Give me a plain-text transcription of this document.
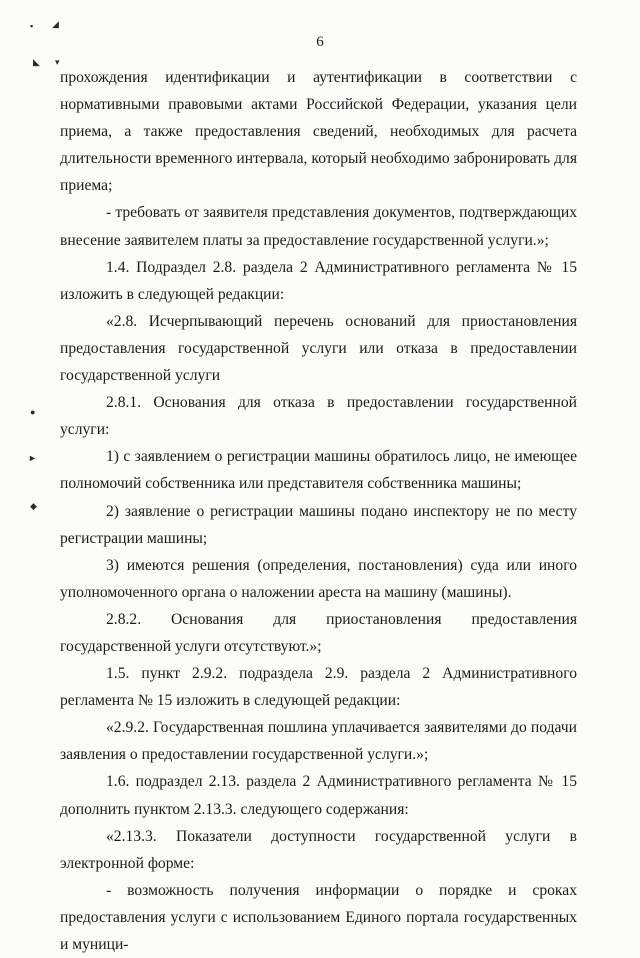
▪ ◢
◣ ▾
●
►
◆
6

прохождения идентификации и аутентификации в соответствии с нормативными правовыми актами Российской Федерации, указания цели приема, а также предоставления сведений, необходимых для расчета длительности временного интервала, который необходимо забронировать для приема;

- требовать от заявителя представления документов, подтверждающих внесение заявителем платы за предоставление государственной услуги.»;

1.4. Подраздел 2.8. раздела 2 Административного регламента № 15 изложить в следующей редакции:

«2.8. Исчерпывающий перечень оснований для приостановления предоставления государственной услуги или отказа в предоставлении государственной услуги

2.8.1. Основания для отказа в предоставлении государственной услуги:

1) с заявлением о регистрации машины обратилось лицо, не имеющее полномочий собственника или представителя собственника машины;

2) заявление о регистрации машины подано инспектору не по месту регистрации машины;

3) имеются решения (определения, постановления) суда или иного уполномоченного органа о наложении ареста на машину (машины).

2.8.2. Основания для приостановления предоставления государственной услуги отсутствуют.»;

1.5. пункт 2.9.2. подраздела 2.9. раздела 2 Административного регламента № 15 изложить в следующей редакции:

«2.9.2. Государственная пошлина уплачивается заявителями до подачи заявления о предоставлении государственной услуги.»;

1.6. подраздел 2.13. раздела 2 Административного регламента № 15 дополнить пунктом 2.13.3. следующего содержания:

«2.13.3. Показатели доступности государственной услуги в электронной форме:

- возможность получения информации о порядке и сроках предоставления услуги с использованием Единого портала государственных и муници-
